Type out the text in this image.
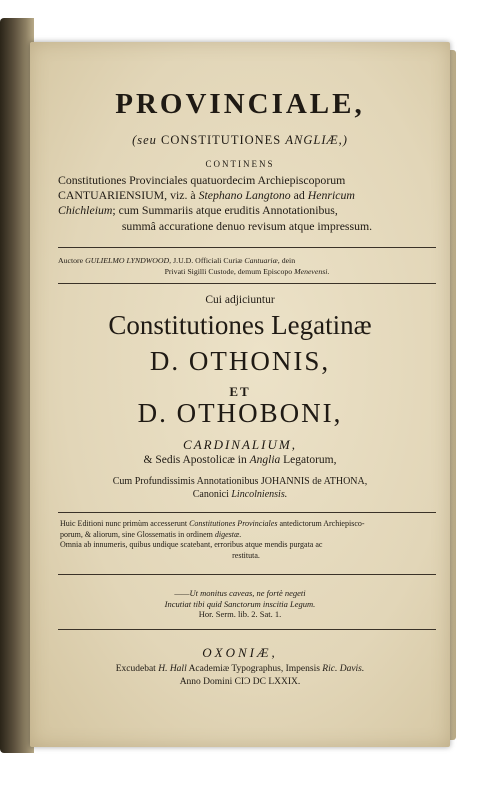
PROVINCIALE,
(seu CONSTITUTIONES ANGLIÆ,)
CONTINENS
Constitutiones Provinciales quatuordecim Archiepiscoporum
CANTUARIENSIUM, viz. à Stephano Langtono ad Henricum
Chichleium; cum Summariis atque eruditis Annotationibus,
summâ accuratione denuo revisum atque impressum.
Auctore GULIELMO LYNDWOOD, J.U.D. Officiali Curiæ Cantuariæ, dein
Privati Sigilli Custode, demum Episcopo Menevensi.
Cui adjiciuntur
Constitutiones Legatinæ
D. OTHONIS,
ET
D. OTHOBONI,
CARDINALIUM,
& Sedis Apostolicæ in Anglia Legatorum,
Cum Profundissimis Annotationibus JOHANNIS de ATHONA,
Canonici Lincolniensis.
Huic Editioni nunc primùm accesserunt Constitutiones Provinciales antedictorum Archiepisco-
porum, & aliorum, sine Glossematis in ordinem digestæ.
Omnia ab innumeris, quibus undique scatebant, erroribus atque mendis purgata ac
restituta.
——Ut monitus caveas, ne fortè negeti
Incutiat tibi quid Sanctorum inscitia Legum.
Hor. Serm. lib. 2. Sat. 1.
OXONIÆ,
Excudebat H. Hall Academiæ Typographus, Impensis Ric. Davis.
Anno Domini CIƆ DC LXXIX.
